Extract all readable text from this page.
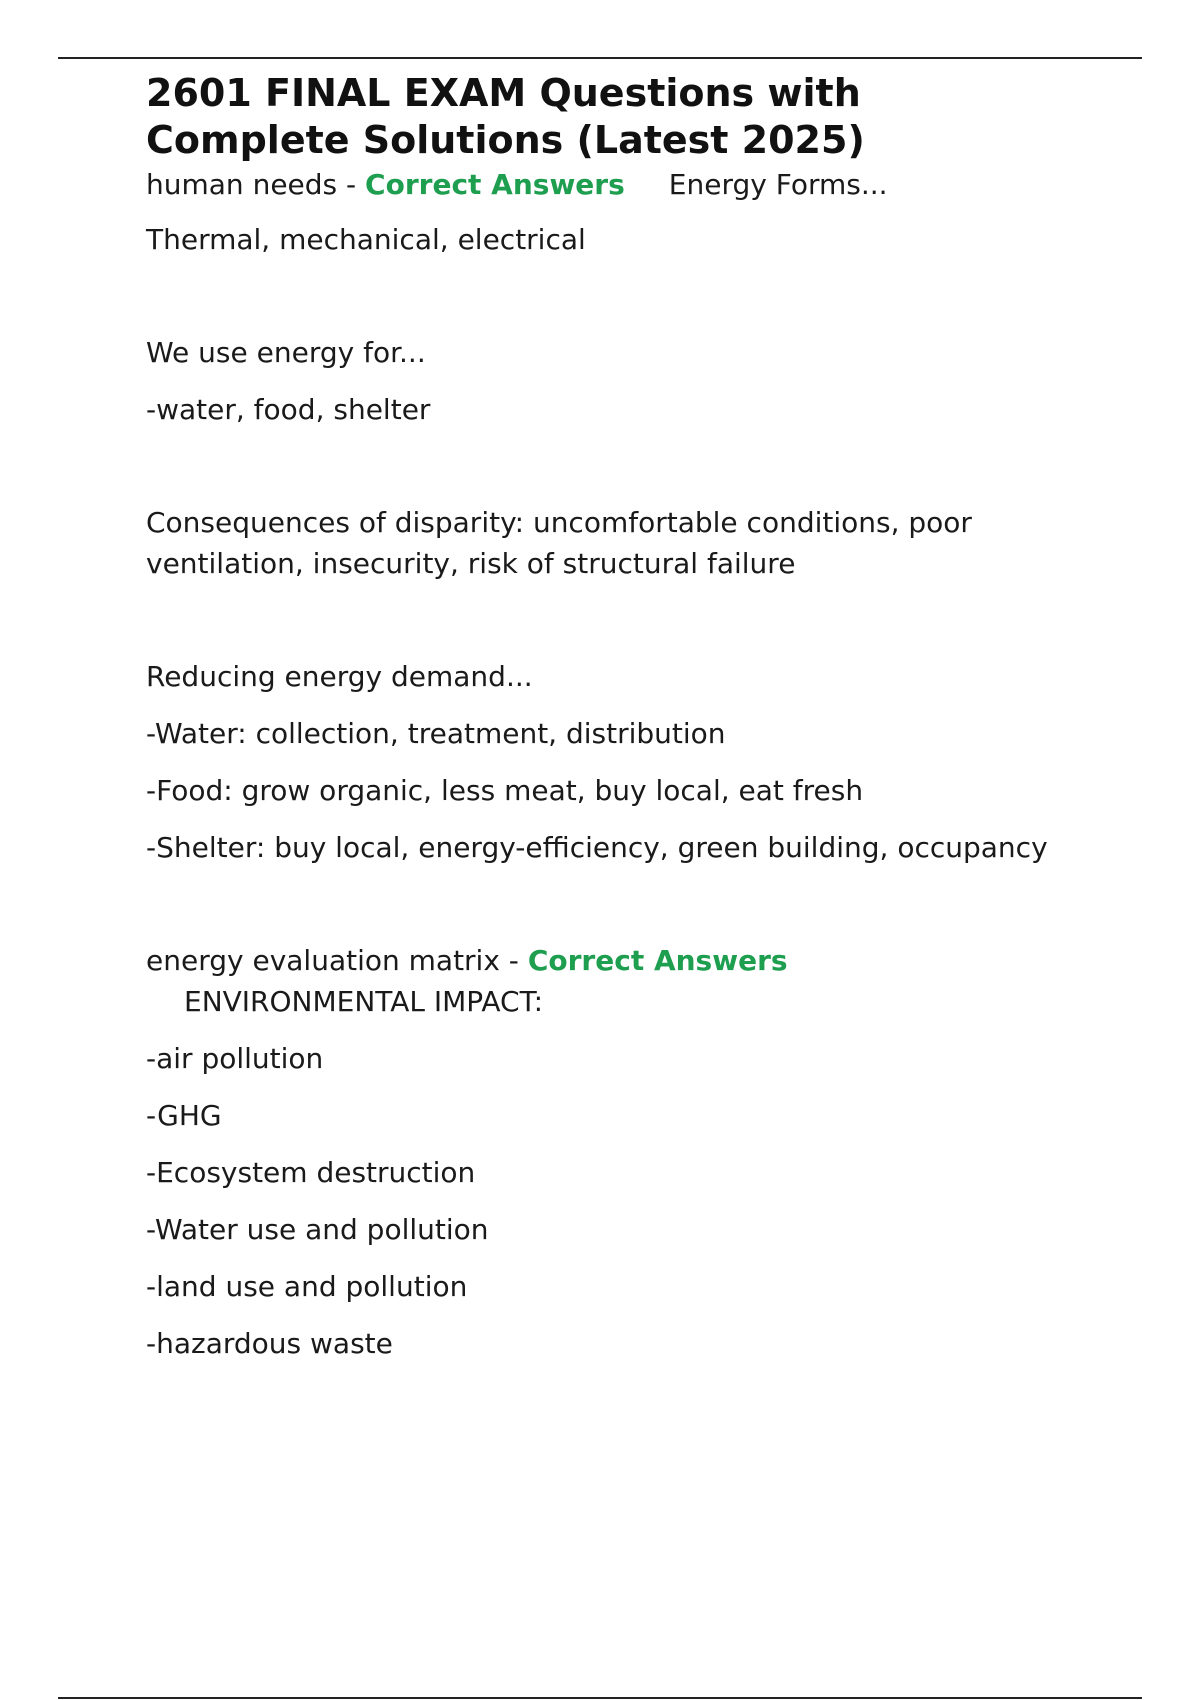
2601 FINAL EXAM Questions with Complete Solutions (Latest 2025)

human needs - Correct Answers Energy Forms...

Thermal, mechanical, electrical

We use energy for...

-water, food, shelter

Consequences of disparity: uncomfortable conditions, poor ventilation, insecurity, risk of structural failure

Reducing energy demand...

-Water: collection, treatment, distribution

-Food: grow organic, less meat, buy local, eat fresh

-Shelter: buy local, energy-efficiency, green building, occupancy

energy evaluation matrix - Correct Answers

ENVIRONMENTAL IMPACT:

-air pollution

-GHG

-Ecosystem destruction

-Water use and pollution

-land use and pollution

-hazardous waste
